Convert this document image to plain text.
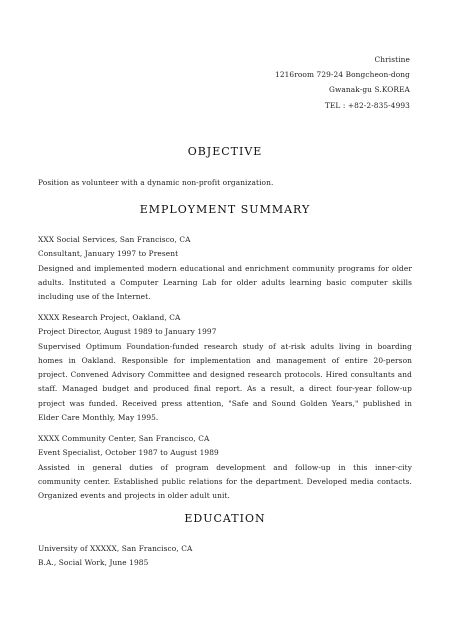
Christine
1216room 729-24 Bongcheon-dong
Gwanak-gu S.KOREA
TEL : +82-2-835-4993
OBJECTIVE
Position as volunteer with a dynamic non-profit organization.
EMPLOYMENT SUMMARY
XXX Social Services, San Francisco, CA
Consultant, January 1997 to Present
Designed and implemented modern educational and enrichment community programs for older
adults. Instituted a Computer Learning Lab for older adults learning basic computer skills
including use of the Internet.
XXXX Research Project, Oakland, CA
Project Director, August 1989 to January 1997
Supervised Optimum Foundation-funded research study of at-risk adults living in boarding
homes in Oakland. Responsible for implementation and management of entire 20-person
project. Convened Advisory Committee and designed research protocols. Hired consultants and
staff. Managed budget and produced final report. As a result, a direct four-year follow-up
project was funded. Received press attention, "Safe and Sound Golden Years," published in
Elder Care Monthly, May 1995.
XXXX Community Center, San Francisco, CA
Event Specialist, October 1987 to August 1989
Assisted in general duties of program development and follow-up in this inner-city
community center. Established public relations for the department. Developed media contacts.
Organized events and projects in older adult unit.
EDUCATION
University of XXXXX, San Francisco, CA
B.A., Social Work, June 1985
